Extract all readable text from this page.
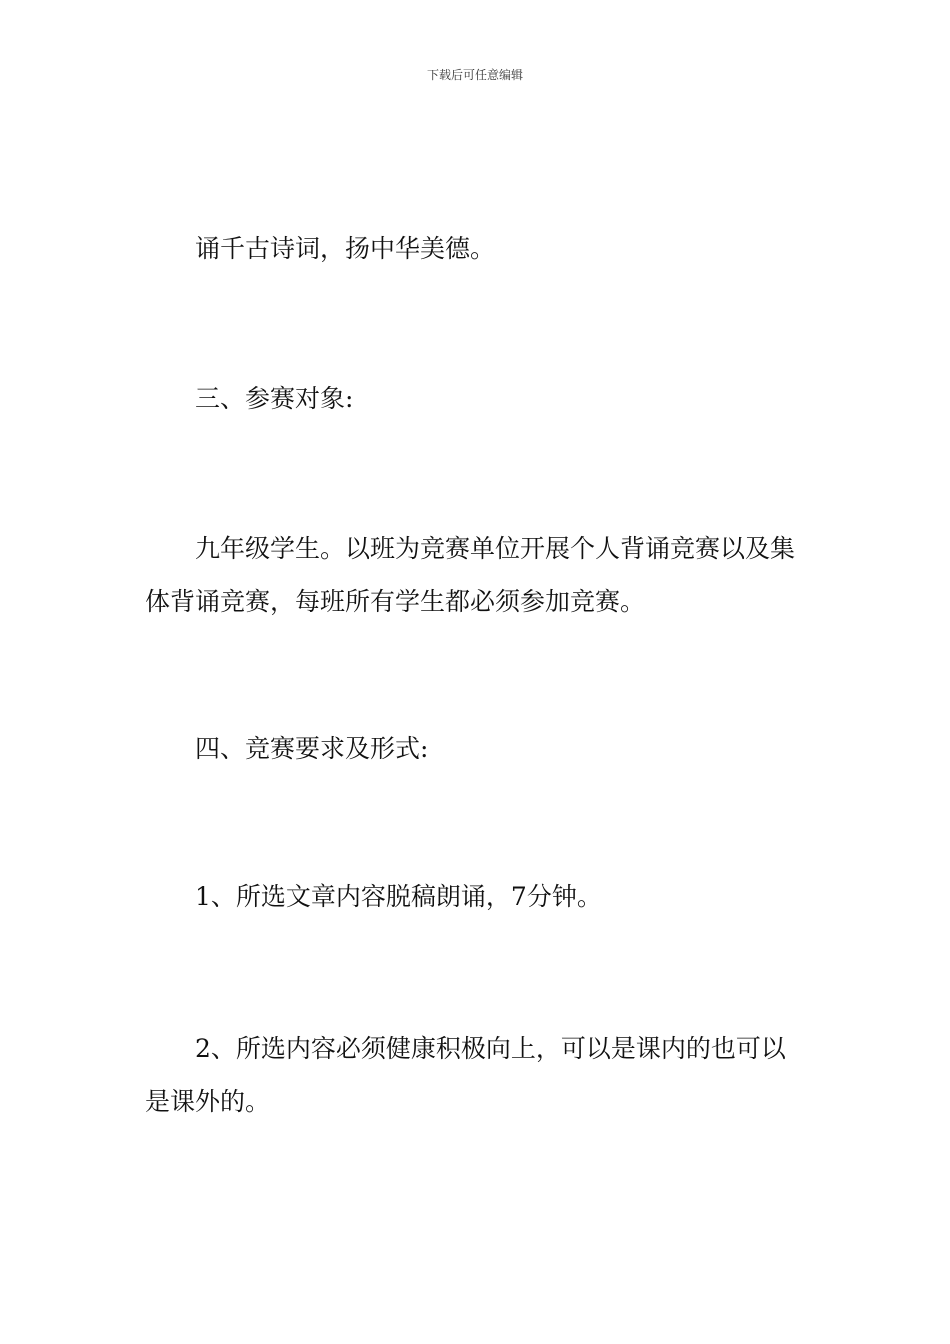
下载后可任意编辑

诵千古诗词，扬中华美德。

三、参赛对象:

九年级学生。以班为竞赛单位开展个人背诵竞赛以及集体背诵竞赛，每班所有学生都必须参加竞赛。

四、竞赛要求及形式:

1、所选文章内容脱稿朗诵，7分钟。

2、所选内容必须健康积极向上，可以是课内的也可以是课外的。
